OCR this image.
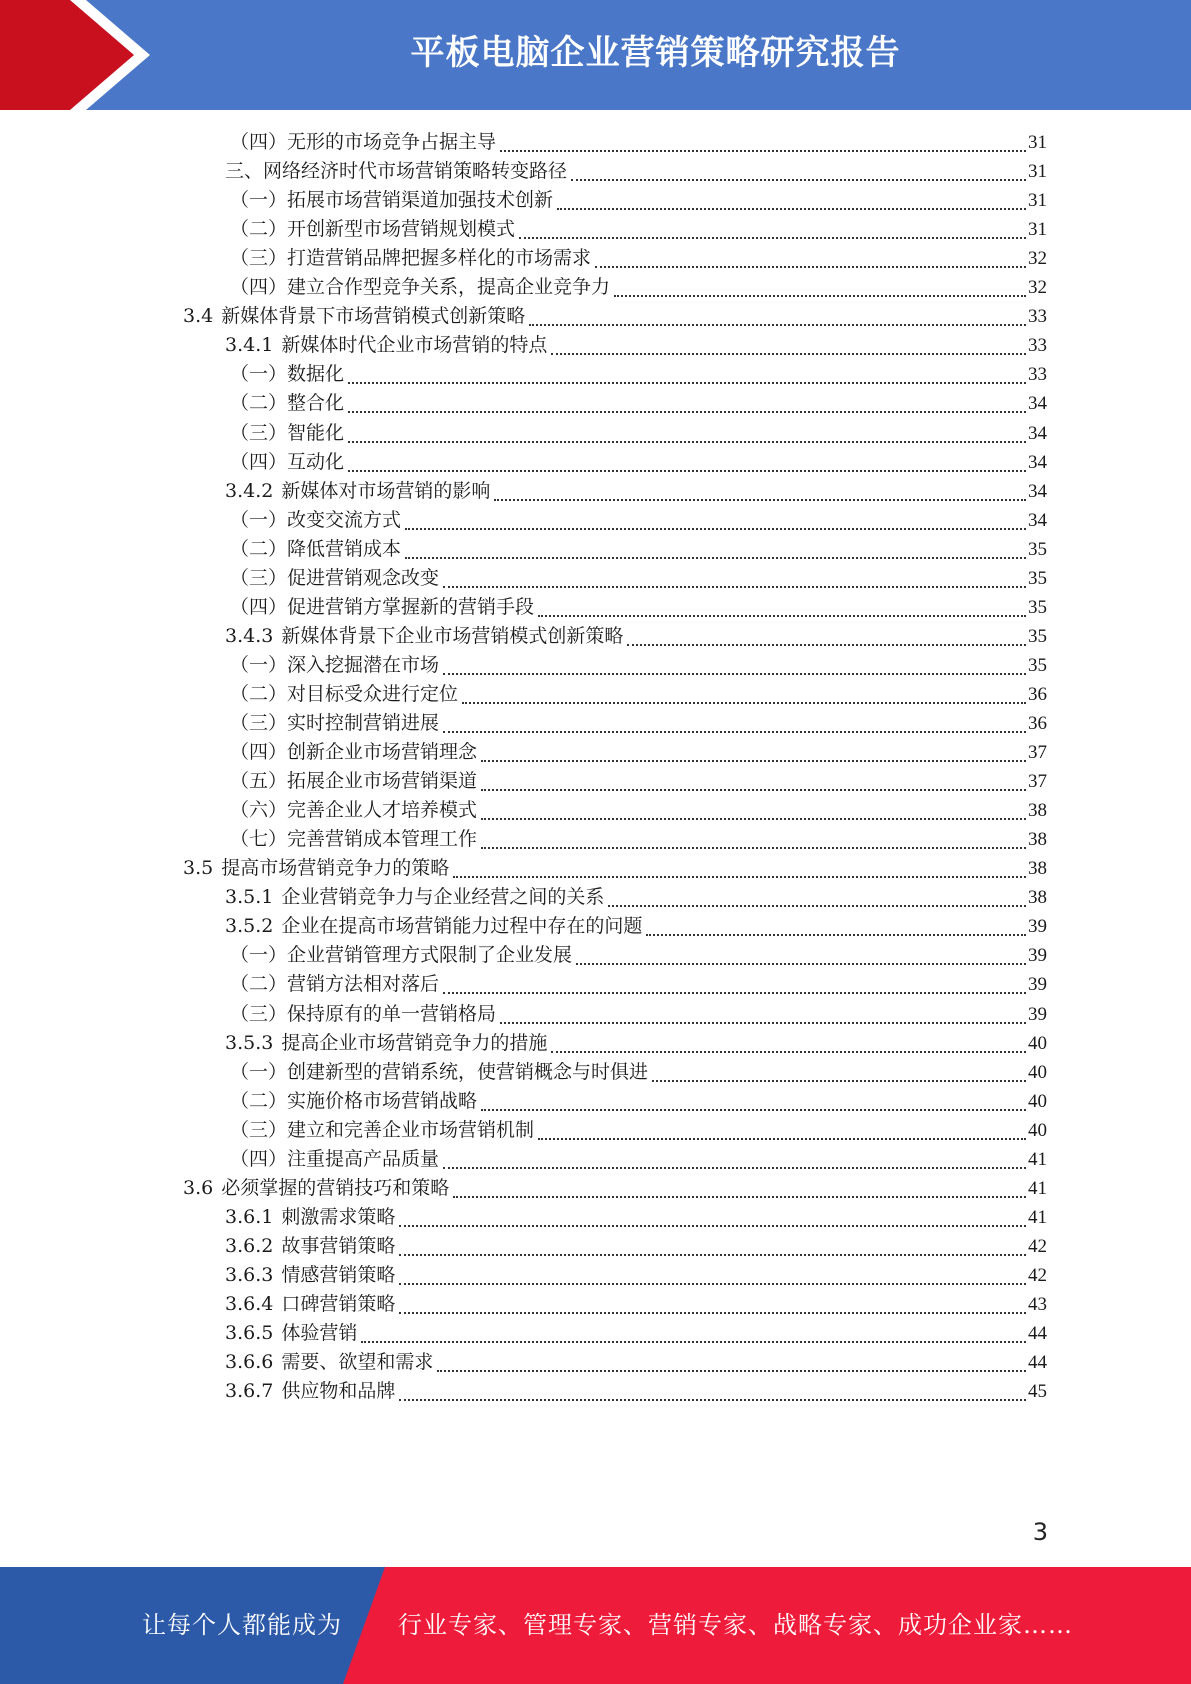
平板电脑企业营销策略研究报告
（四）无形的市场竞争占据主导	31
三、网络经济时代市场营销策略转变路径	31
（一）拓展市场营销渠道加强技术创新	31
（二）开创新型市场营销规划模式	31
（三）打造营销品牌把握多样化的市场需求	32
（四）建立合作型竞争关系，提高企业竞争力	32
3.4 新媒体背景下市场营销模式创新策略	33
3.4.1 新媒体时代企业市场营销的特点	33
（一）数据化	33
（二）整合化	34
（三）智能化	34
（四）互动化	34
3.4.2 新媒体对市场营销的影响	34
（一）改变交流方式	34
（二）降低营销成本	35
（三）促进营销观念改变	35
（四）促进营销方掌握新的营销手段	35
3.4.3 新媒体背景下企业市场营销模式创新策略	35
（一）深入挖掘潜在市场	35
（二）对目标受众进行定位	36
（三）实时控制营销进展	36
（四）创新企业市场营销理念	37
（五）拓展企业市场营销渠道	37
（六）完善企业人才培养模式	38
（七）完善营销成本管理工作	38
3.5 提高市场营销竞争力的策略	38
3.5.1 企业营销竞争力与企业经营之间的关系	38
3.5.2 企业在提高市场营销能力过程中存在的问题	39
（一）企业营销管理方式限制了企业发展	39
（二）营销方法相对落后	39
（三）保持原有的单一营销格局	39
3.5.3 提高企业市场营销竞争力的措施	40
（一）创建新型的营销系统，使营销概念与时俱进	40
（二）实施价格市场营销战略	40
（三）建立和完善企业市场营销机制	40
（四）注重提高产品质量	41
3.6 必须掌握的营销技巧和策略	41
3.6.1 刺激需求策略	41
3.6.2 故事营销策略	42
3.6.3 情感营销策略	42
3.6.4 口碑营销策略	43
3.6.5 体验营销	44
3.6.6 需要、欲望和需求	44
3.6.7 供应物和品牌	45
3
让每个人都能成为 行业专家、管理专家、营销专家、战略专家、成功企业家……
